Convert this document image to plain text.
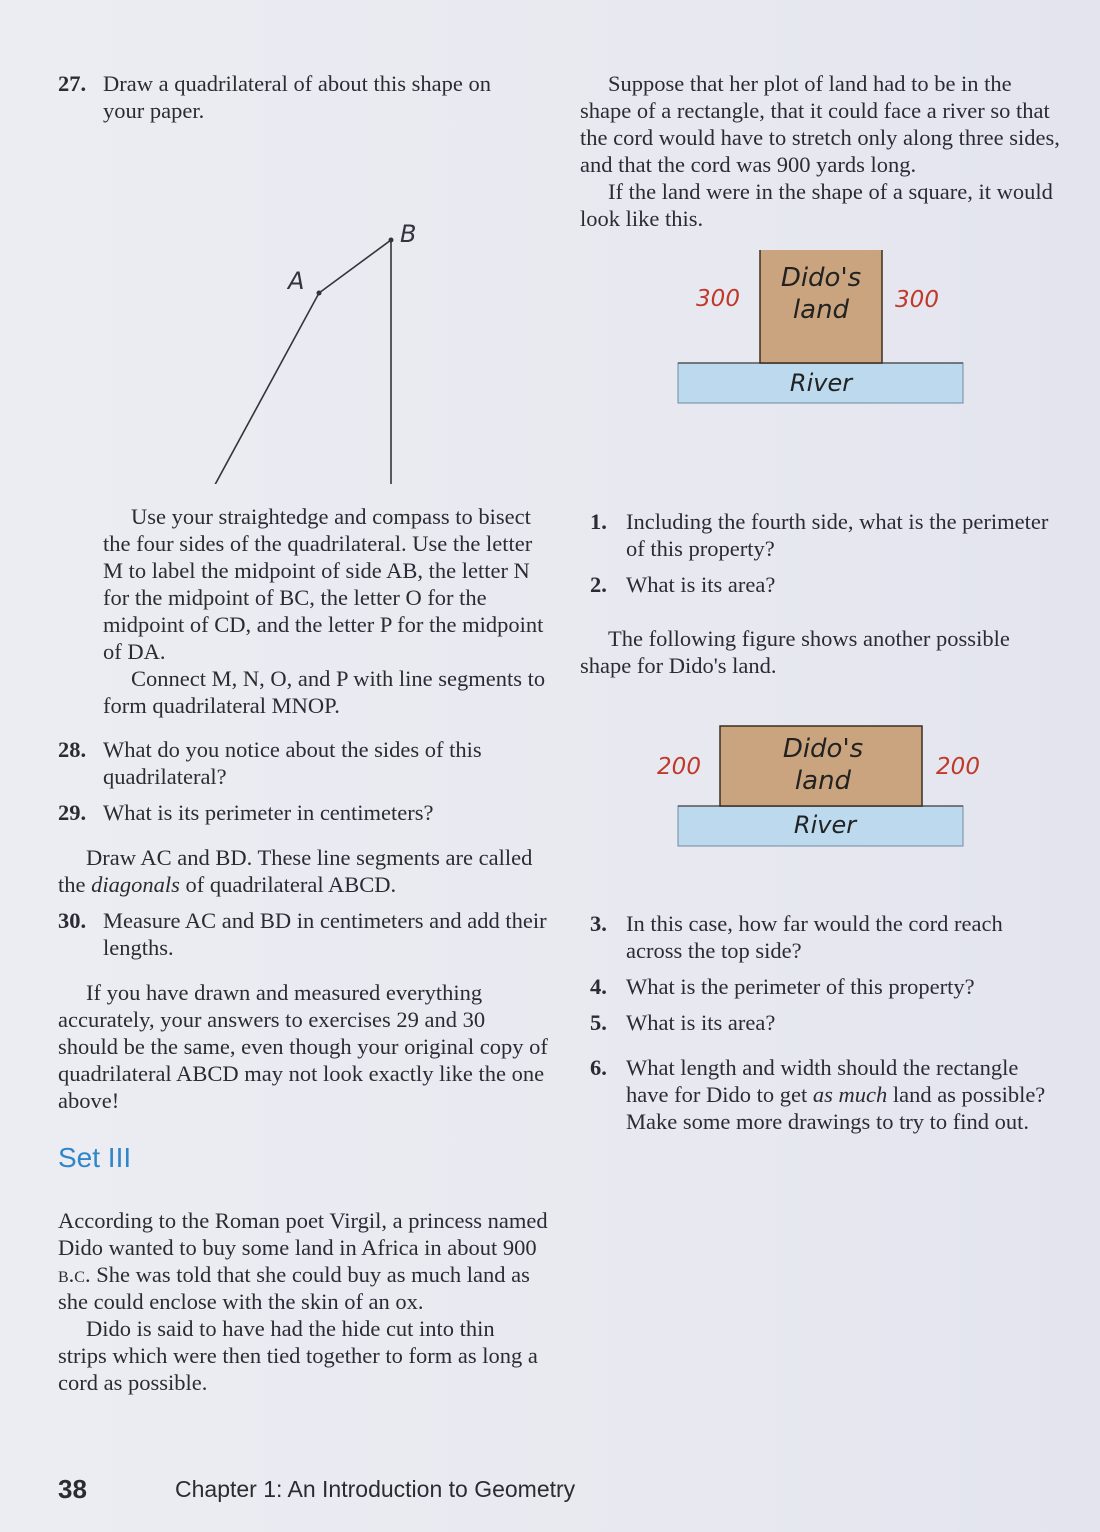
27. Draw a quadrilateral of about this shape on your paper.
A
B

Use your straightedge and compass to bisect the four sides of the quadrilateral. Use the letter M to label the midpoint of side AB, the letter N for the midpoint of BC, the letter O for the midpoint of CD, and the letter P for the midpoint of DA.

Connect M, N, O, and P with line segments to form quadrilateral MNOP.

28. What do you notice about the sides of this quadrilateral?
29. What is its perimeter in centimeters?

Draw AC and BD. These line segments are called the diagonals of quadrilateral ABCD.

30. Measure AC and BD in centimeters and add their lengths.

If you have drawn and measured everything accurately, your answers to exercises 29 and 30 should be the same, even though your original copy of quadrilateral ABCD may not look exactly like the one above!

Set III

According to the Roman poet Virgil, a princess named Dido wanted to buy some land in Africa in about 900 b.c. She was told that she could buy as much land as she could enclose with the skin of an ox.

Dido is said to have had the hide cut into thin strips which were then tied together to form as long a cord as possible.

Suppose that her plot of land had to be in the shape of a rectangle, that it could face a river so that the cord would have to stretch only along three sides, and that the cord was 900 yards long.

If the land were in the shape of a square, it would look like this.

300	300
Dido's
land
River
1. Including the fourth side, what is the perimeter of this property?
2. What is its area?

The following figure shows another possible shape for Dido's land.

200	200
Dido's
land
River
3. In this case, how far would the cord reach across the top side?
4. What is the perimeter of this property?
5. What is its area?
6. What length and width should the rectangle have for Dido to get as much land as possible? Make some more drawings to try to find out.
38	Chapter 1: An Introduction to Geometry
